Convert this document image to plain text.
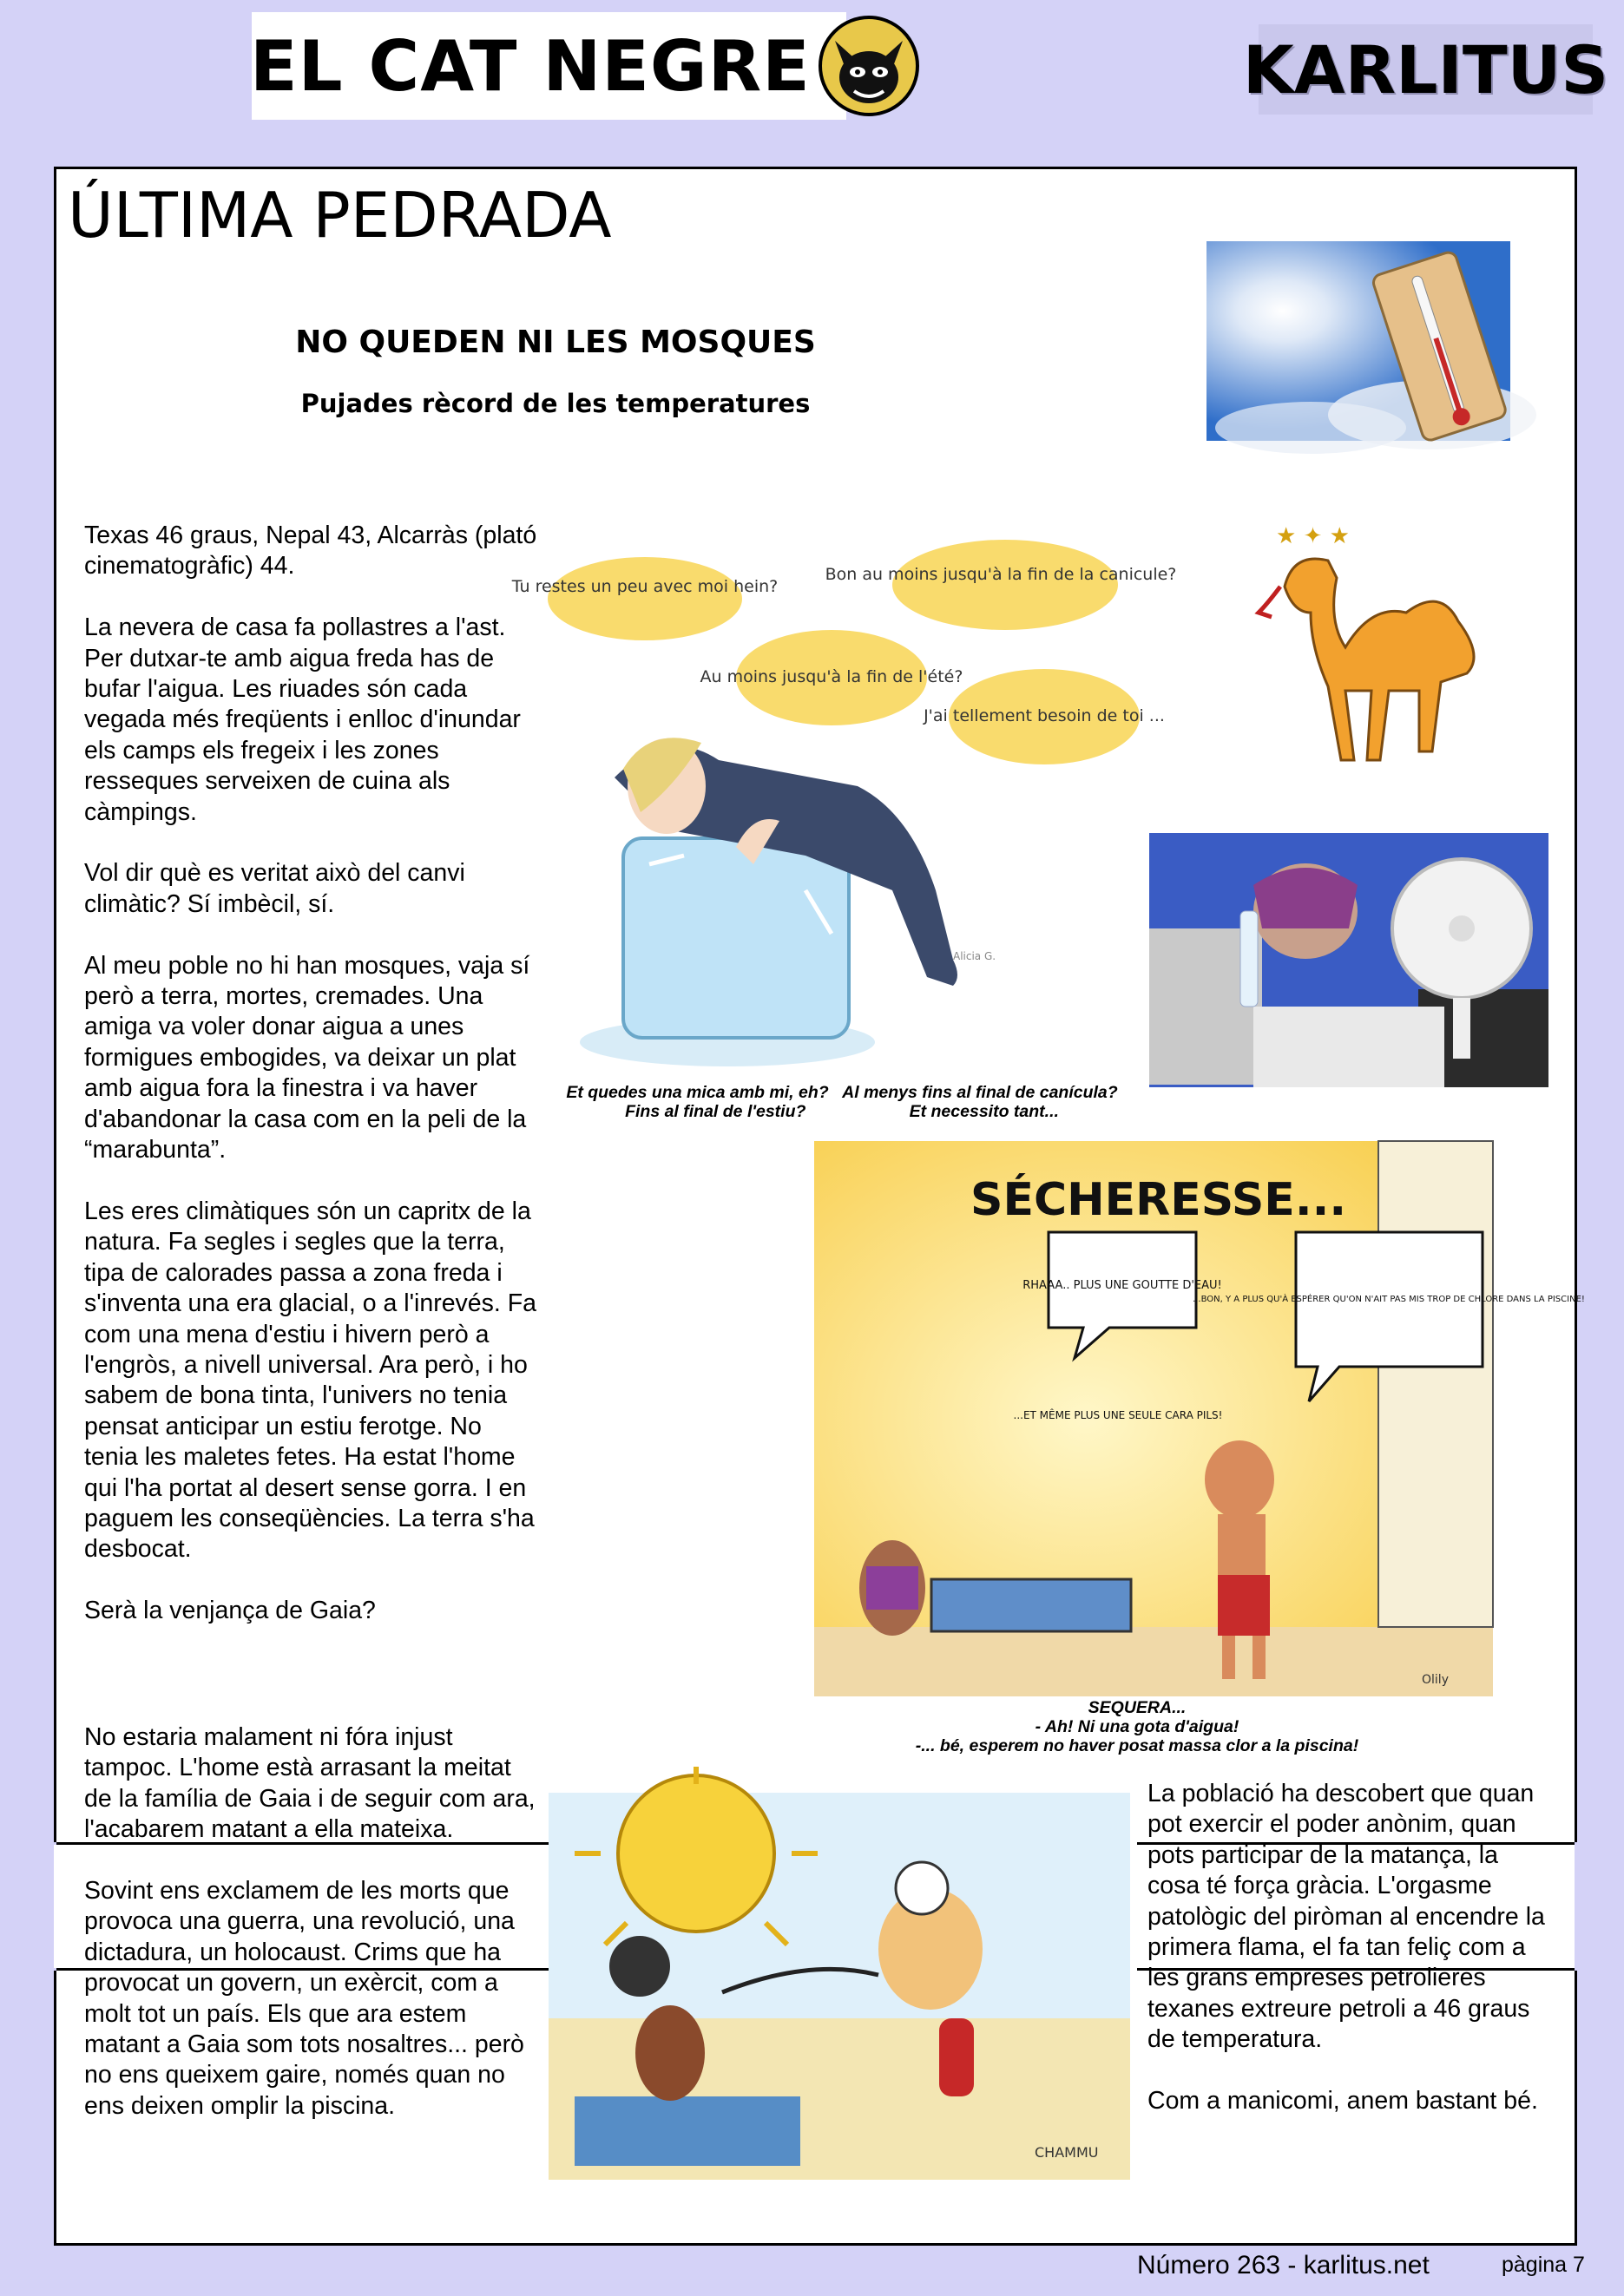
EL CAT NEGRE	KARLITUS
ÚLTIMA PEDRADA
NO QUEDEN NI LES MOSQUES
Pujades rècord de les temperatures
Tu restes un peu avec moi hein?
Bon au moins jusqu'à la fin de la canicule?
Au moins jusqu'à la fin de l'été?
J'ai tellement besoin de toi ...
Alicia G.
Et quedes una mica amb mi, eh?   Al menys fins al final de canícula?
Fins al final de l'estiu?                      Et necessito tant...
★ ✦ ★
SÉCHERESSE...
RHAAA.. PLUS UNE GOUTTE D'EAU!
...BON, Y A PLUS QU'À ESPÉRER QU'ON N'AIT PAS MIS TROP DE CHLORE DANS LA PISCINE!
...ET MÊME PLUS UNE SEULE CARA PILS!
Olily
SEQUERA...
- Ah! Ni una gota d'aigua!
-... bé, esperem no haver posat massa clor a la piscina!
CHAMMU

Texas 46 graus, Nepal 43, Alcarràs (plató cinematogràfic) 44.

La nevera de casa fa pollastres a l'ast. Per dutxar-te amb aigua freda has de bufar l'aigua. Les riuades són cada vegada més freqüents i enlloc d'inundar els camps els fregeix i les zones resseques serveixen de cuina als càmpings.

Vol dir què es veritat això del canvi climàtic? Sí imbècil, sí.

Al meu poble no hi han mosques, vaja sí però a terra, mortes, cremades. Una amiga va voler donar aigua a unes formigues embogides, va deixar un plat amb aigua fora la finestra i va haver d'abandonar la casa com en la peli de la “marabunta”.

Les eres climàtiques són un capritx de la natura. Fa segles i segles que la terra, tipa de calorades passa a zona freda i s'inventa una era glacial, o a l'inrevés. Fa com una mena d'estiu i hivern però a l'engròs, a nivell universal. Ara però, i ho sabem de bona tinta, l'univers no tenia pensat anticipar un estiu ferotge. No tenia les maletes fetes. Ha estat l'home qui l'ha portat al desert sense gorra. I en paguem les conseqüències. La terra s'ha desbocat.

Serà la venjança de Gaia?

No estaria malament ni fóra injust tampoc. L'home està arrasant la meitat de la família de Gaia i de seguir com ara, l'acabarem matant a ella mateixa.

Sovint ens exclamem de les morts que provoca una guerra, una revolució, una dictadura, un holocaust. Crims que ha provocat un govern, un exèrcit, com a molt tot un país. Els que ara estem matant a Gaia som tots nosaltres... però no ens queixem gaire, només quan no ens deixen omplir la piscina.

La població ha descobert que quan pot exercir el poder anònim, quan pots participar de la matança, la cosa té força gràcia. L'orgasme patològic del piròman al encendre la primera flama, el fa tan feliç com a les grans empreses petrolieres texanes extreure petroli a 46 graus de temperatura.

Com a manicomi, anem bastant bé.

Número 263 - karlitus.net	pàgina 7
